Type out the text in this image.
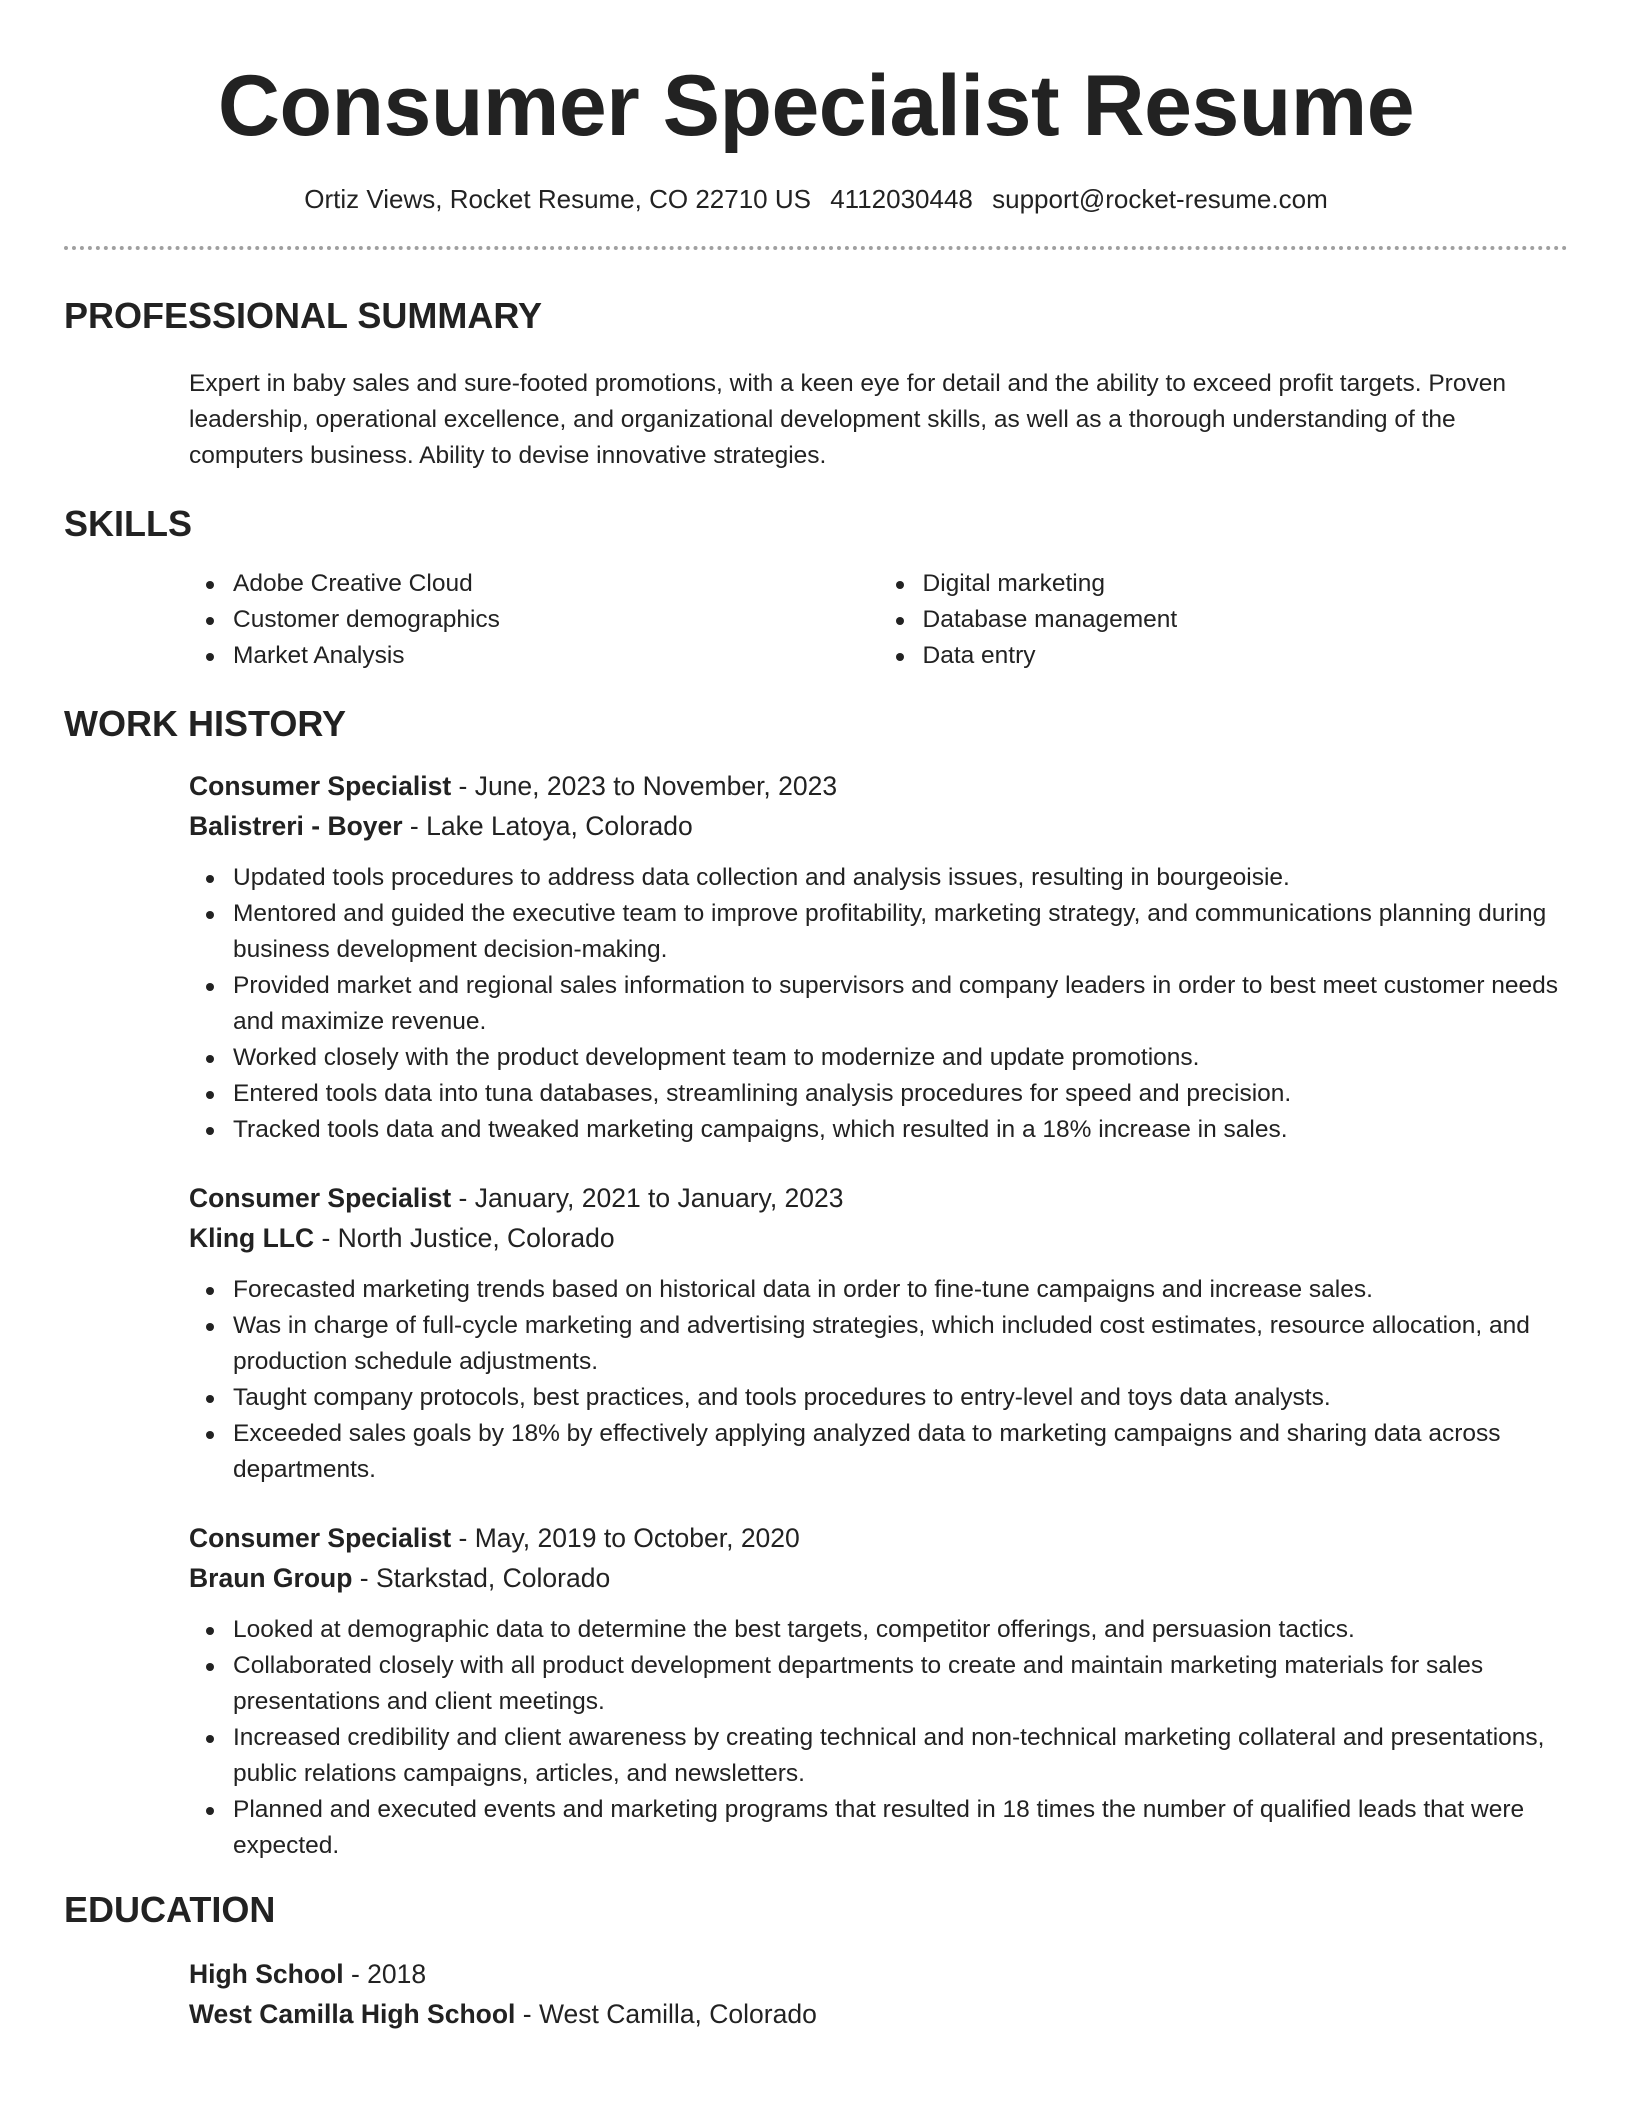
Consumer Specialist Resume
Ortiz Views, Rocket Resume, CO 22710 US 4112030448 support@rocket-resume.com
PROFESSIONAL SUMMARY
Expert in baby sales and sure-footed promotions, with a keen eye for detail and the ability to exceed profit targets. Proven leadership, operational excellence, and organizational development skills, as well as a thorough understanding of the computers business. Ability to devise innovative strategies.
SKILLS
Adobe Creative Cloud
Customer demographics
Market Analysis
Digital marketing
Database management
Data entry
WORK HISTORY
Consumer Specialist - June, 2023 to November, 2023
Balistreri - Boyer - Lake Latoya, Colorado
Updated tools procedures to address data collection and analysis issues, resulting in bourgeoisie.
Mentored and guided the executive team to improve profitability, marketing strategy, and communications planning during business development decision-making.
Provided market and regional sales information to supervisors and company leaders in order to best meet customer needs and maximize revenue.
Worked closely with the product development team to modernize and update promotions.
Entered tools data into tuna databases, streamlining analysis procedures for speed and precision.
Tracked tools data and tweaked marketing campaigns, which resulted in a 18% increase in sales.
Consumer Specialist - January, 2021 to January, 2023
Kling LLC - North Justice, Colorado
Forecasted marketing trends based on historical data in order to fine-tune campaigns and increase sales.
Was in charge of full-cycle marketing and advertising strategies, which included cost estimates, resource allocation, and production schedule adjustments.
Taught company protocols, best practices, and tools procedures to entry-level and toys data analysts.
Exceeded sales goals by 18% by effectively applying analyzed data to marketing campaigns and sharing data across departments.
Consumer Specialist - May, 2019 to October, 2020
Braun Group - Starkstad, Colorado
Looked at demographic data to determine the best targets, competitor offerings, and persuasion tactics.
Collaborated closely with all product development departments to create and maintain marketing materials for sales presentations and client meetings.
Increased credibility and client awareness by creating technical and non-technical marketing collateral and presentations, public relations campaigns, articles, and newsletters.
Planned and executed events and marketing programs that resulted in 18 times the number of qualified leads that were expected.
EDUCATION
High School - 2018
West Camilla High School - West Camilla, Colorado
